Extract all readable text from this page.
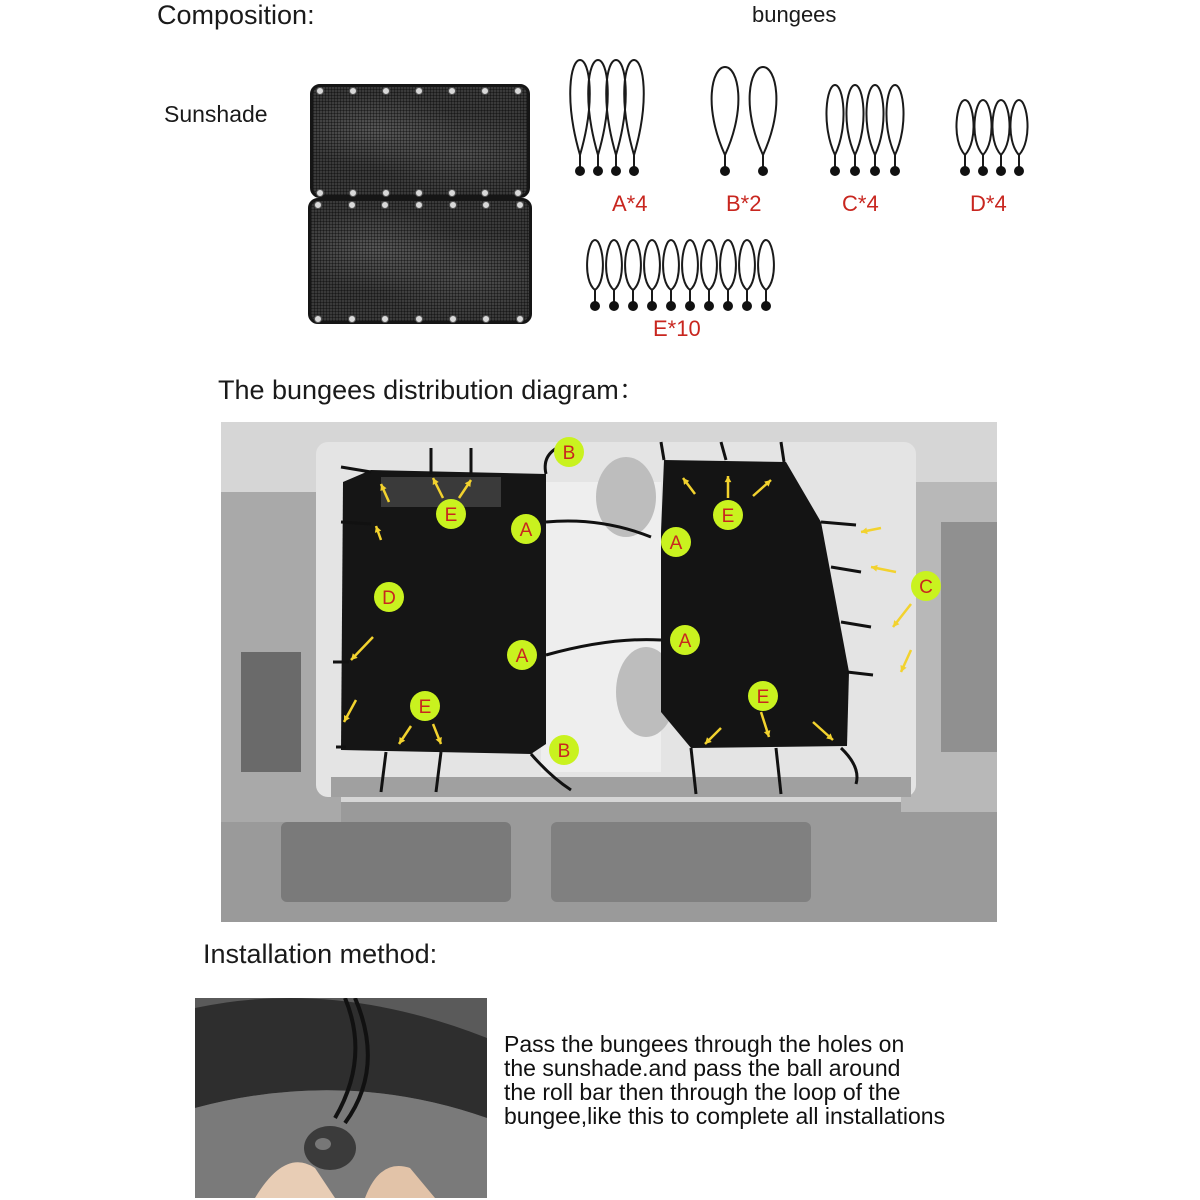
Composition:	bungees
Sunshade
A*4	B*2	C*4	D*4
E*10
The bungees distribution diagram：
B
E
A
A
D
A
A
E
C
E	E
B
Installation method:
Pass the bungees through the holes on
the sunshade.and pass the ball around
the roll bar then through the loop of the
bungee,like this to complete all installations
